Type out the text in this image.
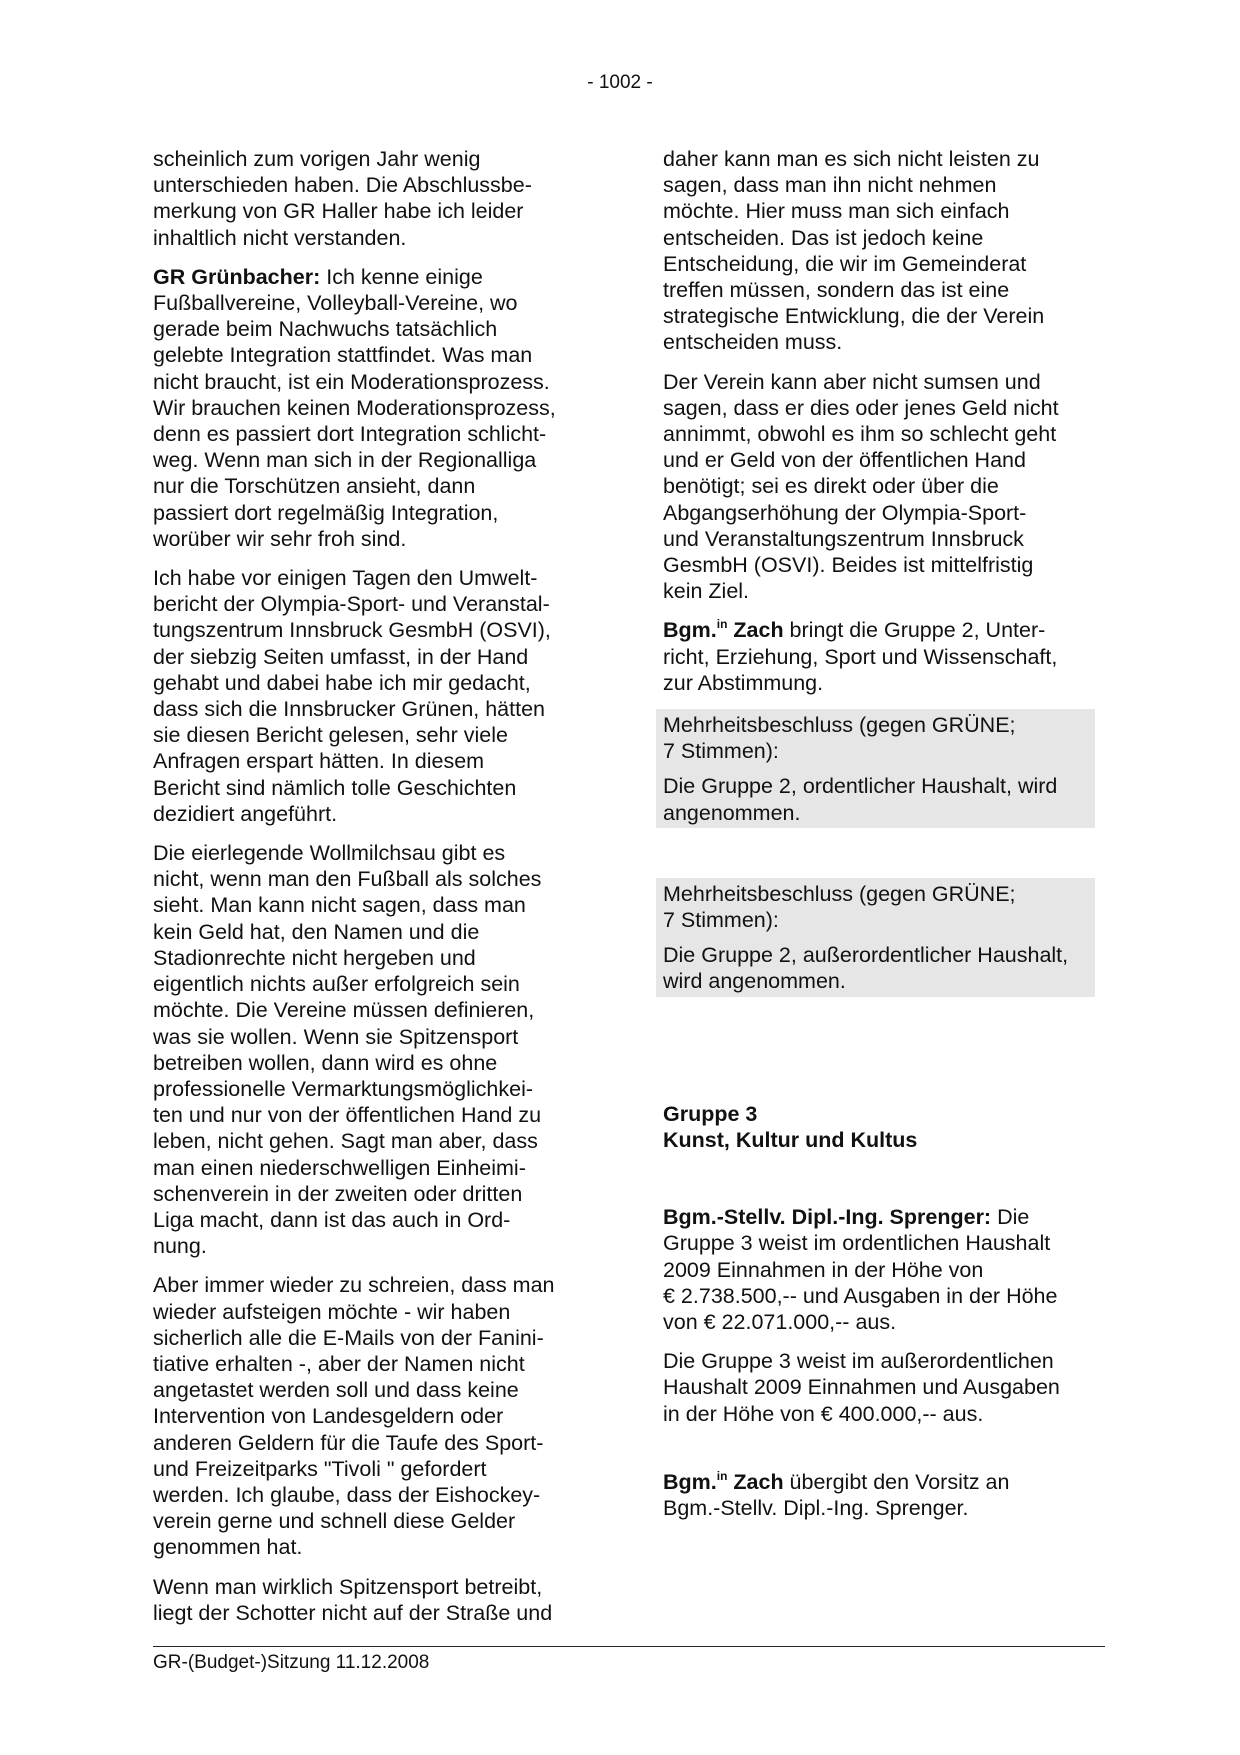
- 1002 -

scheinlich zum vorigen Jahr wenig
unterschieden haben. Die Abschlussbe-
merkung von GR Haller habe ich leider
inhaltlich nicht verstanden.

GR Grünbacher: Ich kenne einige
Fußballvereine, Volleyball-Vereine, wo
gerade beim Nachwuchs tatsächlich
gelebte Integration stattfindet. Was man
nicht braucht, ist ein Moderationsprozess.
Wir brauchen keinen Moderationsprozess,
denn es passiert dort Integration schlicht-
weg. Wenn man sich in der Regionalliga
nur die Torschützen ansieht, dann
passiert dort regelmäßig Integration,
worüber wir sehr froh sind.

Ich habe vor einigen Tagen den Umwelt-
bericht der Olympia-Sport- und Veranstal-
tungszentrum Innsbruck GesmbH (OSVI),
der siebzig Seiten umfasst, in der Hand
gehabt und dabei habe ich mir gedacht,
dass sich die Innsbrucker Grünen, hätten
sie diesen Bericht gelesen, sehr viele
Anfragen erspart hätten. In diesem
Bericht sind nämlich tolle Geschichten
dezidiert angeführt.

Die eierlegende Wollmilchsau gibt es
nicht, wenn man den Fußball als solches
sieht. Man kann nicht sagen, dass man
kein Geld hat, den Namen und die
Stadionrechte nicht hergeben und
eigentlich nichts außer erfolgreich sein
möchte. Die Vereine müssen definieren,
was sie wollen. Wenn sie Spitzensport
betreiben wollen, dann wird es ohne
professionelle Vermarktungsmöglichkei-
ten und nur von der öffentlichen Hand zu
leben, nicht gehen. Sagt man aber, dass
man einen niederschwelligen Einheimi-
schenverein in der zweiten oder dritten
Liga macht, dann ist das auch in Ord-
nung.

Aber immer wieder zu schreien, dass man
wieder aufsteigen möchte - wir haben
sicherlich alle die E-Mails von der Fanini-
tiative erhalten -, aber der Namen nicht
angetastet werden soll und dass keine
Intervention von Landesgeldern oder
anderen Geldern für die Taufe des Sport-
und Freizeitparks "Tivoli " gefordert
werden. Ich glaube, dass der Eishockey-
verein gerne und schnell diese Gelder
genommen hat.

Wenn man wirklich Spitzensport betreibt,
liegt der Schotter nicht auf der Straße und

daher kann man es sich nicht leisten zu
sagen, dass man ihn nicht nehmen
möchte. Hier muss man sich einfach
entscheiden. Das ist jedoch keine
Entscheidung, die wir im Gemeinderat
treffen müssen, sondern das ist eine
strategische Entwicklung, die der Verein
entscheiden muss.

Der Verein kann aber nicht sumsen und
sagen, dass er dies oder jenes Geld nicht
annimmt, obwohl es ihm so schlecht geht
und er Geld von der öffentlichen Hand
benötigt; sei es direkt oder über die
Abgangserhöhung der Olympia-Sport-
und Veranstaltungszentrum Innsbruck
GesmbH (OSVI). Beides ist mittelfristig
kein Ziel.

Bgm.$^{in}$ Zach bringt die Gruppe 2, Unter-
richt, Erziehung, Sport und Wissenschaft,
zur Abstimmung.

Mehrheitsbeschluss (gegen GRÜNE;
7 Stimmen):

Die Gruppe 2, ordentlicher Haushalt, wird
angenommen.

Mehrheitsbeschluss (gegen GRÜNE;
7 Stimmen):

Die Gruppe 2, außerordentlicher Haushalt,
wird angenommen.

Gruppe 3
Kunst, Kultur und Kultus

Bgm.-Stellv. Dipl.-Ing. Sprenger: Die
Gruppe 3 weist im ordentlichen Haushalt
2009 Einnahmen in der Höhe von
€ 2.738.500,-- und Ausgaben in der Höhe
von € 22.071.000,-- aus.

Die Gruppe 3 weist im außerordentlichen
Haushalt 2009 Einnahmen und Ausgaben
in der Höhe von € 400.000,-- aus.

Bgm.$^{in}$ Zach übergibt den Vorsitz an
Bgm.-Stellv. Dipl.-Ing. Sprenger.

GR-(Budget-)Sitzung 11.12.2008
